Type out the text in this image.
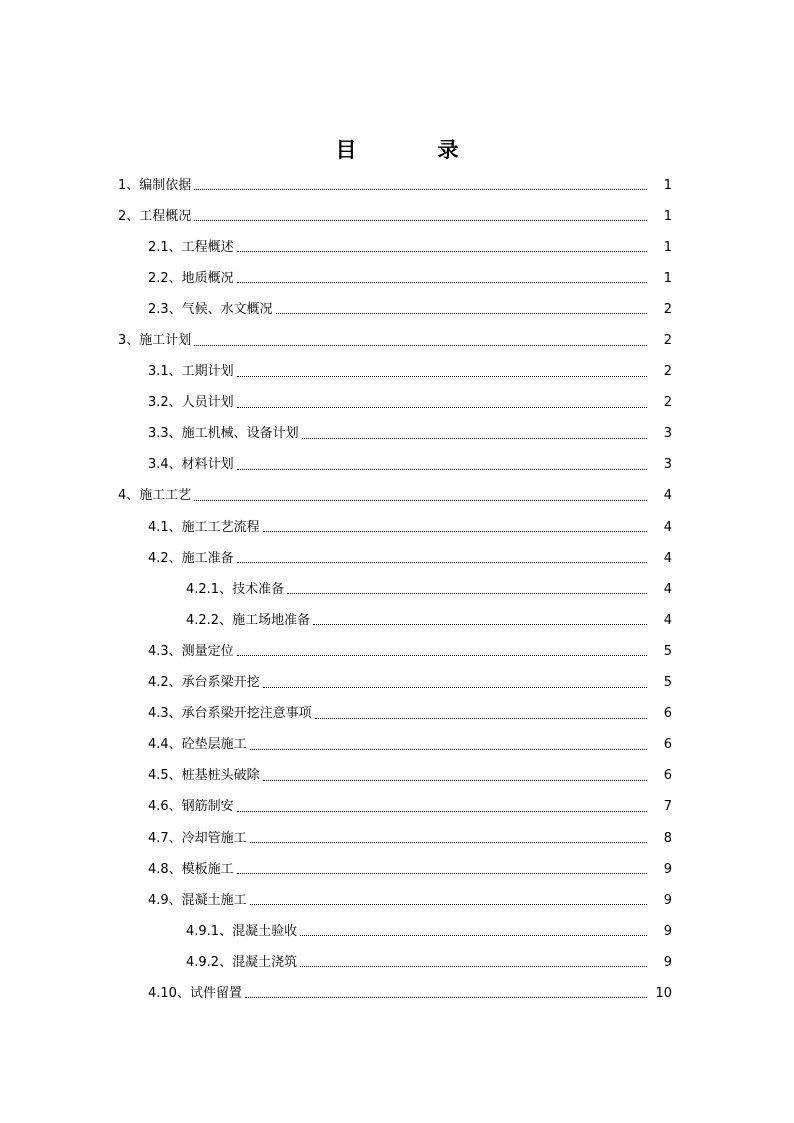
目　录
1、编制依据	1
2、工程概况	1
2.1、工程概述	1
2.2、地质概况	1
2.3、气候、水文概况	2
3、施工计划	2
3.1、工期计划	2
3.2、人员计划	2
3.3、施工机械、设备计划	3
3.4、材料计划	3
4、施工工艺	4
4.1、施工工艺流程	4
4.2、施工准备	4
4.2.1、技术准备	4
4.2.2、施工场地准备	4
4.3、测量定位	5
4.2、承台系梁开挖	5
4.3、承台系梁开挖注意事项	6
4.4、砼垫层施工	6
4.5、桩基桩头破除	6
4.6、钢筋制安	7
4.7、冷却管施工	8
4.8、模板施工	9
4.9、混凝土施工	9
4.9.1、混凝土验收	9
4.9.2、混凝土浇筑	9
4.10、试件留置	10
